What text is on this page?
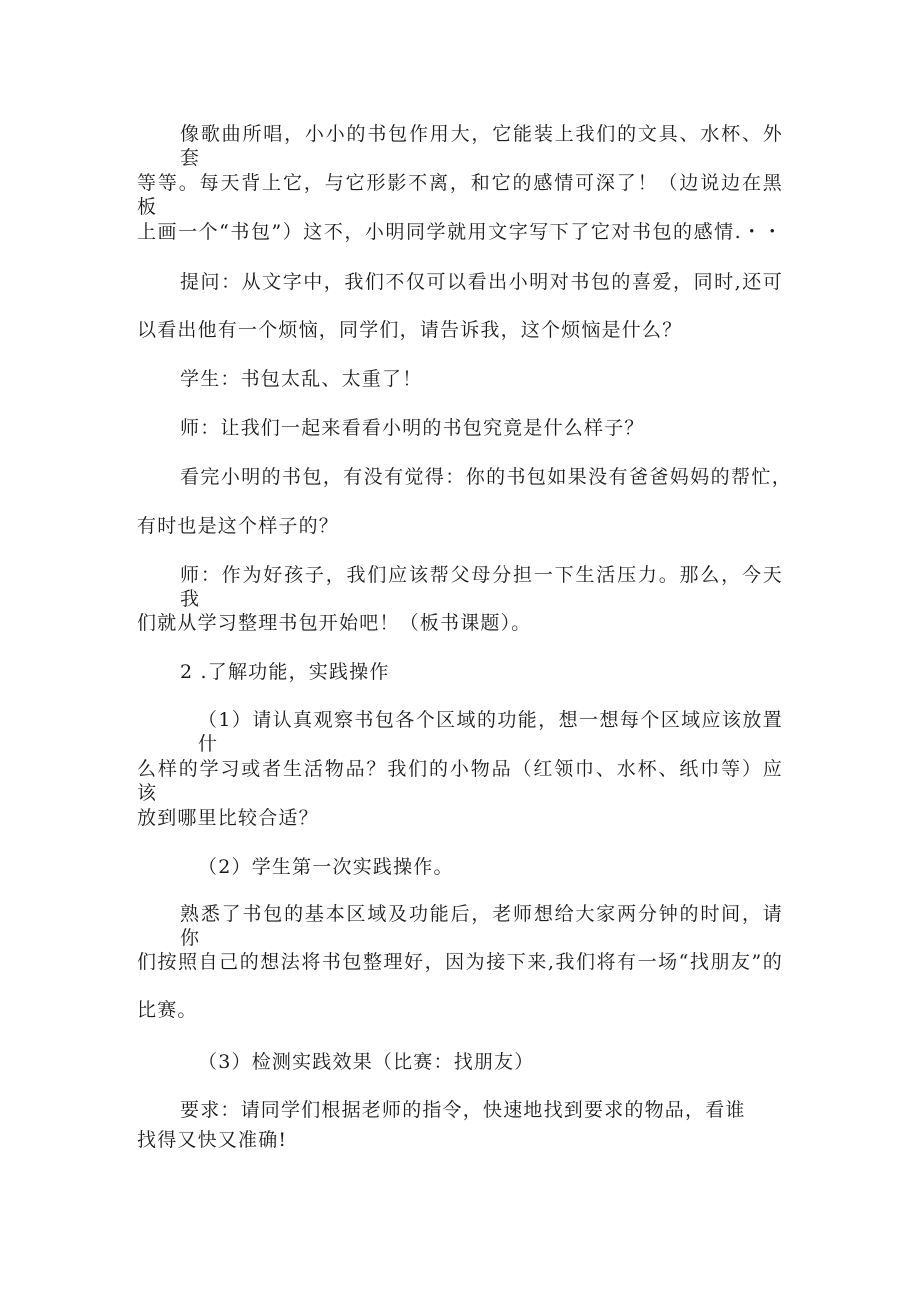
像歌曲所唱，小小的书包作用大，它能装上我们的文具、水杯、外套
等等。每天背上它，与它形影不离，和它的感情可深了！（边说边在黑板
上画一个“书包”）这不，小明同学就用文字写下了它对书包的感情.・・
提问：从文字中，我们不仅可以看出小明对书包的喜爱，同时,还可
以看出他有一个烦恼，同学们，请告诉我，这个烦恼是什么？
学生：书包太乱、太重了！
师：让我们一起来看看小明的书包究竟是什么样子？
看完小明的书包，有没有觉得：你的书包如果没有爸爸妈妈的帮忙，
有时也是这个样子的？
师：作为好孩子，我们应该帮父母分担一下生活压力。那么，今天我
们就从学习整理书包开始吧！（板书课题）。
2 .了解功能，实践操作
（1）请认真观察书包各个区域的功能，想一想每个区域应该放置什
么样的学习或者生活物品？我们的小物品（红领巾、水杯、纸巾等）应该
放到哪里比较合适？
（2）学生第一次实践操作。
熟悉了书包的基本区域及功能后，老师想给大家两分钟的时间，请你
们按照自己的想法将书包整理好，因为接下来,我们将有一场“找朋友”的
比赛。
（3）检测实践效果（比赛：找朋友）
要求：请同学们根据老师的指令，快速地找到要求的物品，看谁
找得又快又准确!
